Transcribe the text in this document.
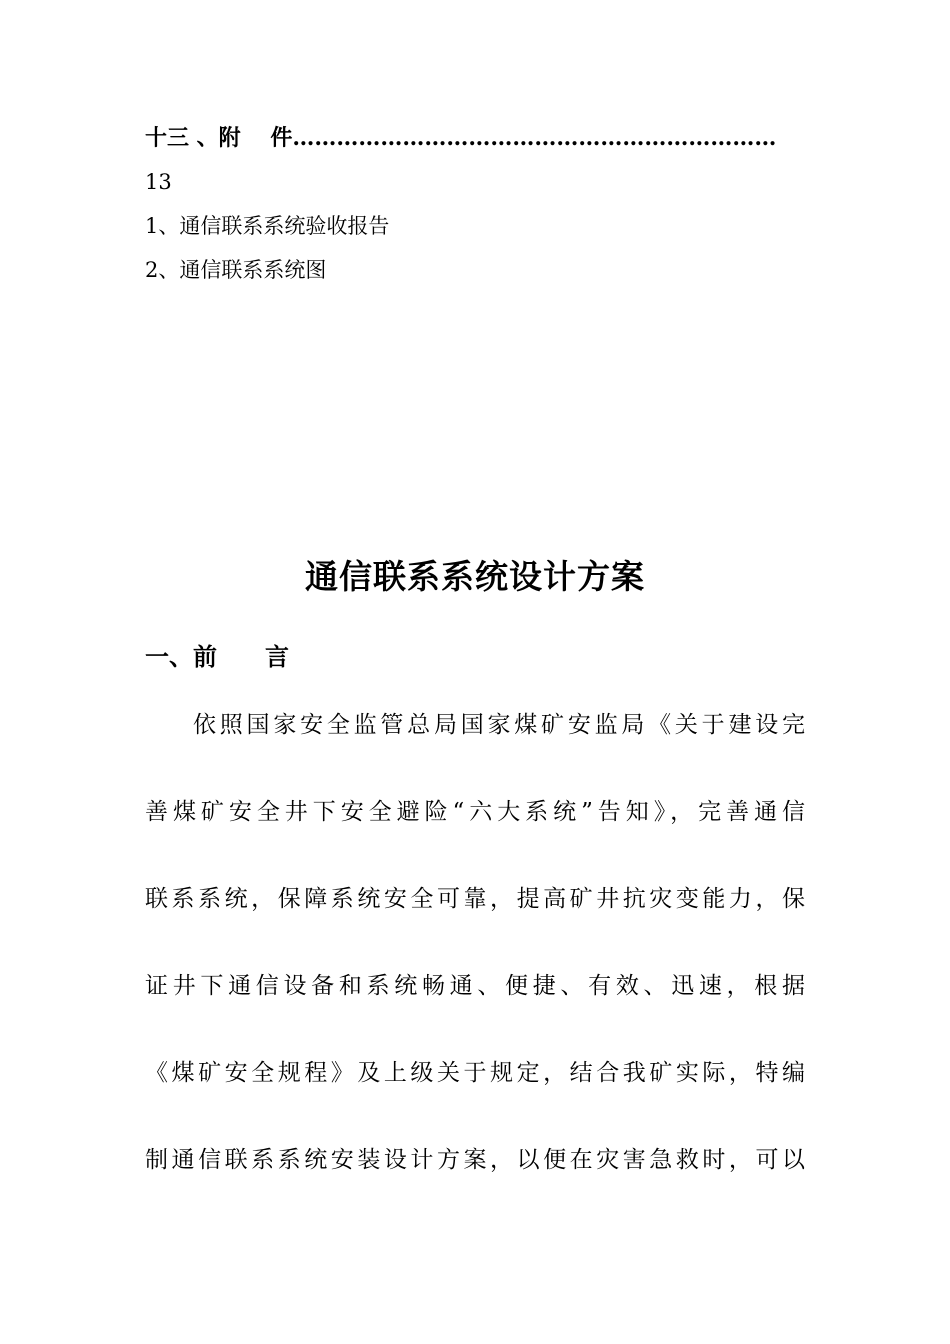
十三 、附　 件…………………………………………………………
13
1、通信联系系统验收报告
2、通信联系系统图
通信联系系统设计方案
一、前　　言
依照国家安全监管总局国家煤矿安监局《关于建设完
善煤矿安全井下安全避险“六大系统”告知》，完善通信
联系系统，保障系统安全可靠，提高矿井抗灾变能力，保
证井下通信设备和系统畅通、便捷、有效、迅速，根据
《煤矿安全规程》及上级关于规定，结合我矿实际，特编
制通信联系系统安装设计方案，以便在灾害急救时，可以
